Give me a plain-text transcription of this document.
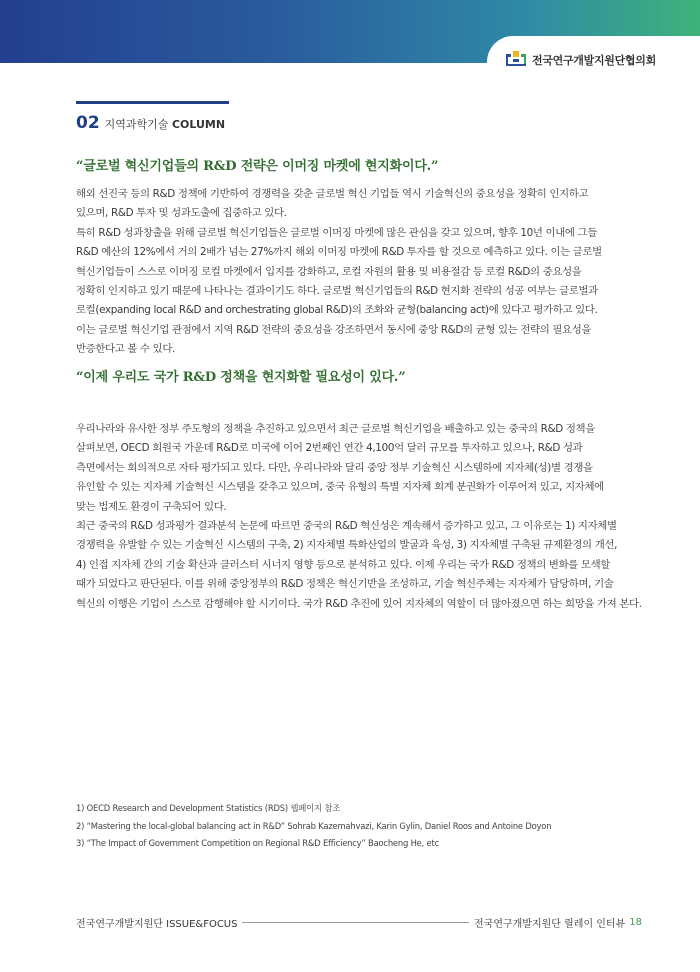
전국연구개발지원단협의회
02 지역과학기술 COLUMN
“글로벌 혁신기업들의 R&D 전략은 이머징 마켓에 현지화이다.”
해외 선진국 등의 R&D 정책에 기반하여 경쟁력을 갖춘 글로벌 혁신 기업들 역시 기술혁신의 중요성을 정확히 인지하고
있으며, R&D 투자 및 성과도출에 집중하고 있다.
특히 R&D 성과창출을 위해 글로벌 혁신기업들은 글로벌 이머징 마켓에 많은 관심을 갖고 있으며, 향후 10년 이내에 그들
R&D 예산의 12%에서 거의 2배가 넘는 27%까지 해외 이머징 마켓에 R&D 투자를 할 것으로 예측하고 있다. 이는 글로벌
혁신기업들이 스스로 이머징 로컬 마켓에서 입지를 강화하고, 로컬 자원의 활용 및 비용절감 등 로컬 R&D의 중요성을
정확히 인지하고 있기 때문에 나타나는 결과이기도 하다. 글로벌 혁신기업들의 R&D 현지화 전략의 성공 여부는 글로벌과
로컬(expanding local R&D and orchestrating global R&D)의 조화와 균형(balancing act)에 있다고 평가하고 있다.
이는 글로벌 혁신기업 관점에서 지역 R&D 전략의 중요성을 강조하면서 동시에 중앙 R&D의 균형 있는 전략의 필요성을
반증한다고 볼 수 있다.
“이제 우리도 국가 R&D 정책을 현지화할 필요성이 있다.”
우리나라와 유사한 정부 주도형의 정책을 추진하고 있으면서 최근 글로벌 혁신기업을 배출하고 있는 중국의 R&D 정책을
살펴보면, OECD 회원국 가운데 R&D로 미국에 이어 2번째인 연간 4,100억 달러 규모를 투자하고 있으나, R&D 성과
측면에서는 회의적으로 자타 평가되고 있다. 다만, 우리나라와 달리 중앙 정부 기술혁신 시스템하에 지자체(성)별 경쟁을
유인할 수 있는 지자체 기술혁신 시스템을 갖추고 있으며, 중국 유형의 특별 지자체 회계 분권화가 이루어져 있고, 지자체에
맞는 법제도 환경이 구축되어 있다.
최근 중국의 R&D 성과평가 결과분석 논문에 따르면 중국의 R&D 혁신성은 계속해서 증가하고 있고, 그 이유로는 1) 지자체별
경쟁력을 유발할 수 있는 기술혁신 시스템의 구축, 2) 지자체별 특화산업의 발굴과 육성, 3) 지자체별 구축된 규제환경의 개선,
4) 인접 지자체 간의 기술 확산과 클러스터 시너지 영향 등으로 분석하고 있다. 이제 우리는 국가 R&D 정책의 변화를 모색할
때가 되었다고 판단된다. 이를 위해 중앙정부의 R&D 정책은 혁신기반을 조성하고, 기술 혁신주체는 지자체가 담당하며, 기술
혁신의 이행은 기업이 스스로 감행해야 할 시기이다. 국가 R&D 추진에 있어 지자체의 역할이 더 많아졌으면 하는 희망을 가져 본다.
1) OECD Research and Development Statistics (RDS) 웹페이지 참조
2) “Mastering the local-global balancing act in R&D” Sohrab Kazemahvazi, Karin Gylin, Daniel Roos and Antoine Doyon
3) “The Impact of Government Competition on Regional R&D Efficiency” Baocheng He, etc
전국연구개발지원단 ISSUE&FOCUS	전국연구개발지원단 릴레이 인터뷰 18
